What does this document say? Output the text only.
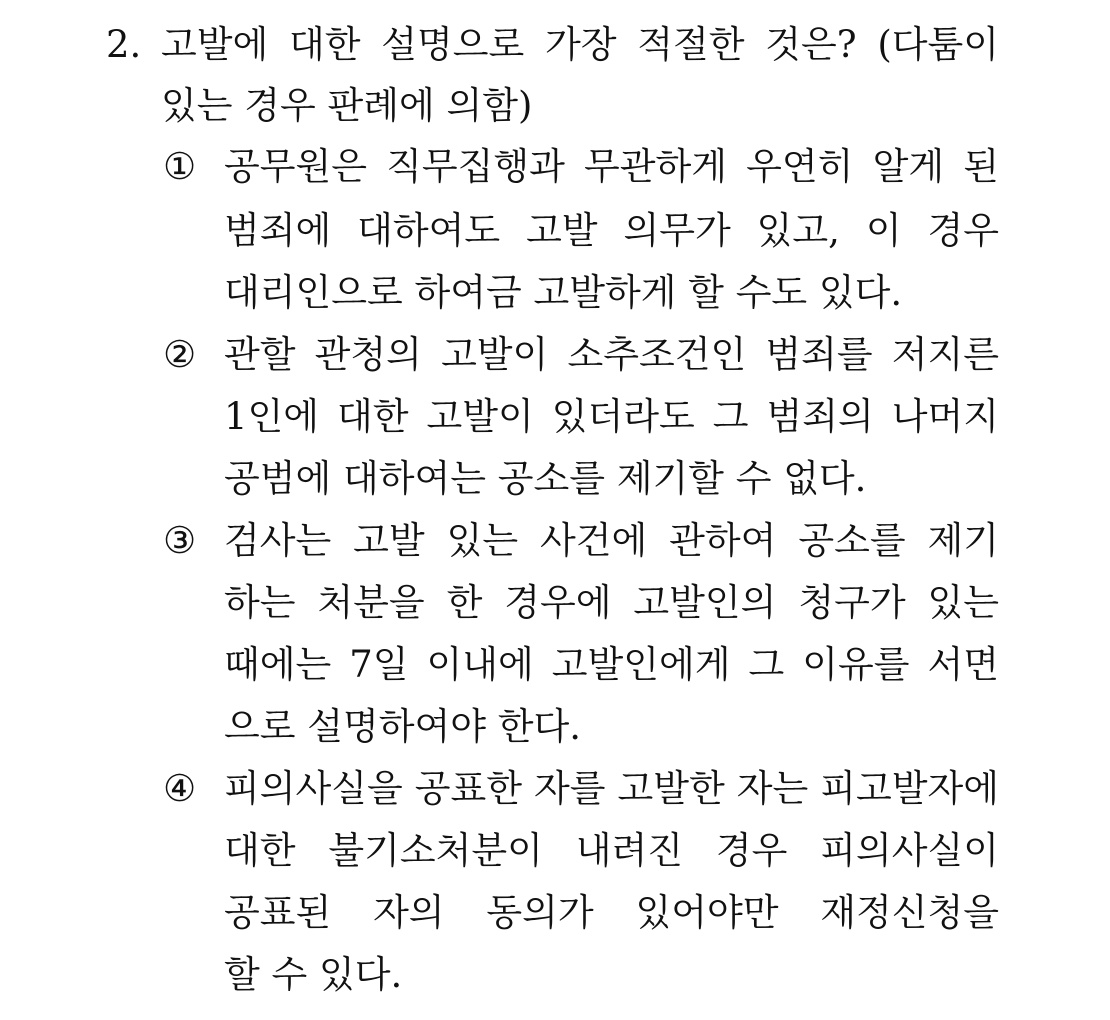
2. 고발에 대한 설명으로 가장 적절한 것은? (다툼이
있는 경우 판례에 의함)
① 공무원은 직무집행과 무관하게 우연히 알게 된
범죄에 대하여도 고발 의무가 있고, 이 경우
대리인으로 하여금 고발하게 할 수도 있다.
② 관할 관청의 고발이 소추조건인 범죄를 저지른
1인에 대한 고발이 있더라도 그 범죄의 나머지
공범에 대하여는 공소를 제기할 수 없다.
③ 검사는 고발 있는 사건에 관하여 공소를 제기
하는 처분을 한 경우에 고발인의 청구가 있는
때에는 7일 이내에 고발인에게 그 이유를 서면
으로 설명하여야 한다.
④ 피의사실을 공표한 자를 고발한 자는 피고발자에
대한 불기소처분이 내려진 경우 피의사실이
공표된 자의 동의가 있어야만 재정신청을
할 수 있다.
